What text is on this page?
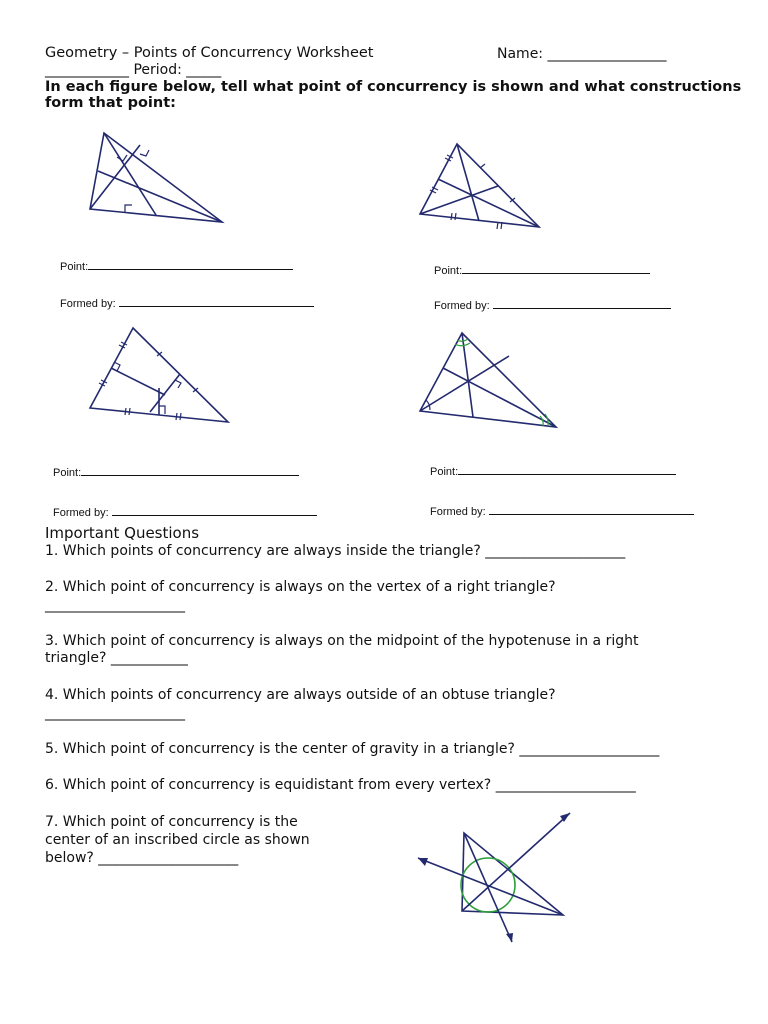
Geometry – Points of Concurrency Worksheet	Name: _________________
____________ Period: _____
In each figure below, tell what point of concurrency is shown and what constructions
form that point:
Point:
Formed by:
Point:
Formed by:
Point:
Formed by:
Point:
Formed by:
Important Questions
1. Which points of concurrency are always inside the triangle? ____________________
2. Which point of concurrency is always on the vertex of a right triangle?
____________________
3. Which point of concurrency is always on the midpoint of the hypotenuse in a right
triangle? ___________
4. Which points of concurrency are always outside of an obtuse triangle?
____________________
5. Which point of concurrency is the center of gravity in a triangle? ____________________
6. Which point of concurrency is equidistant from every vertex? ____________________
7. Which point of concurrency is the
center of an inscribed circle as shown
below? ____________________
